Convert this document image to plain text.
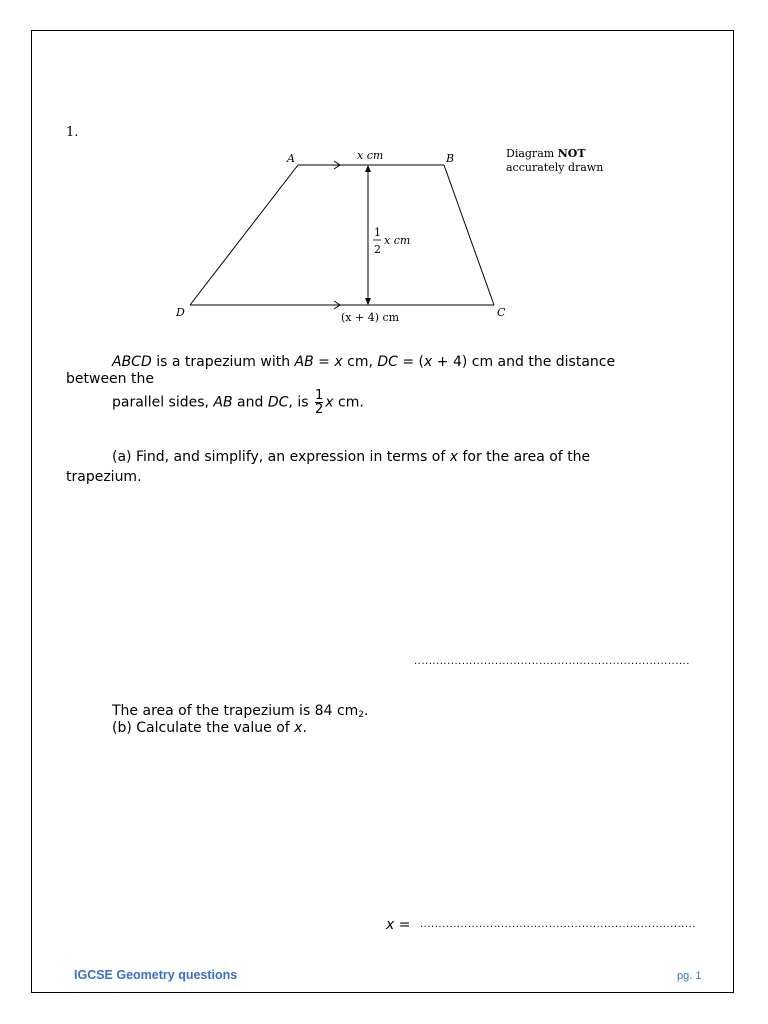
1.
A	B
C
D
x cm
(x + 4) cm
1
2
x cm
Diagram NOT
accurately drawn
ABCD is a trapezium with AB = x cm, DC = (x + 4) cm and the distance
between the
parallel sides, AB and DC, is $\frac{1}{2}$ x cm.
(a) Find, and simplify, an expression in terms of x for the area of the
trapezium.
...........................................................................
The area of the trapezium is 84 $cm_2$.
(b) Calculate the value of x.
x = ...........................................................................
IGCSE Geometry questions	pg. 1
